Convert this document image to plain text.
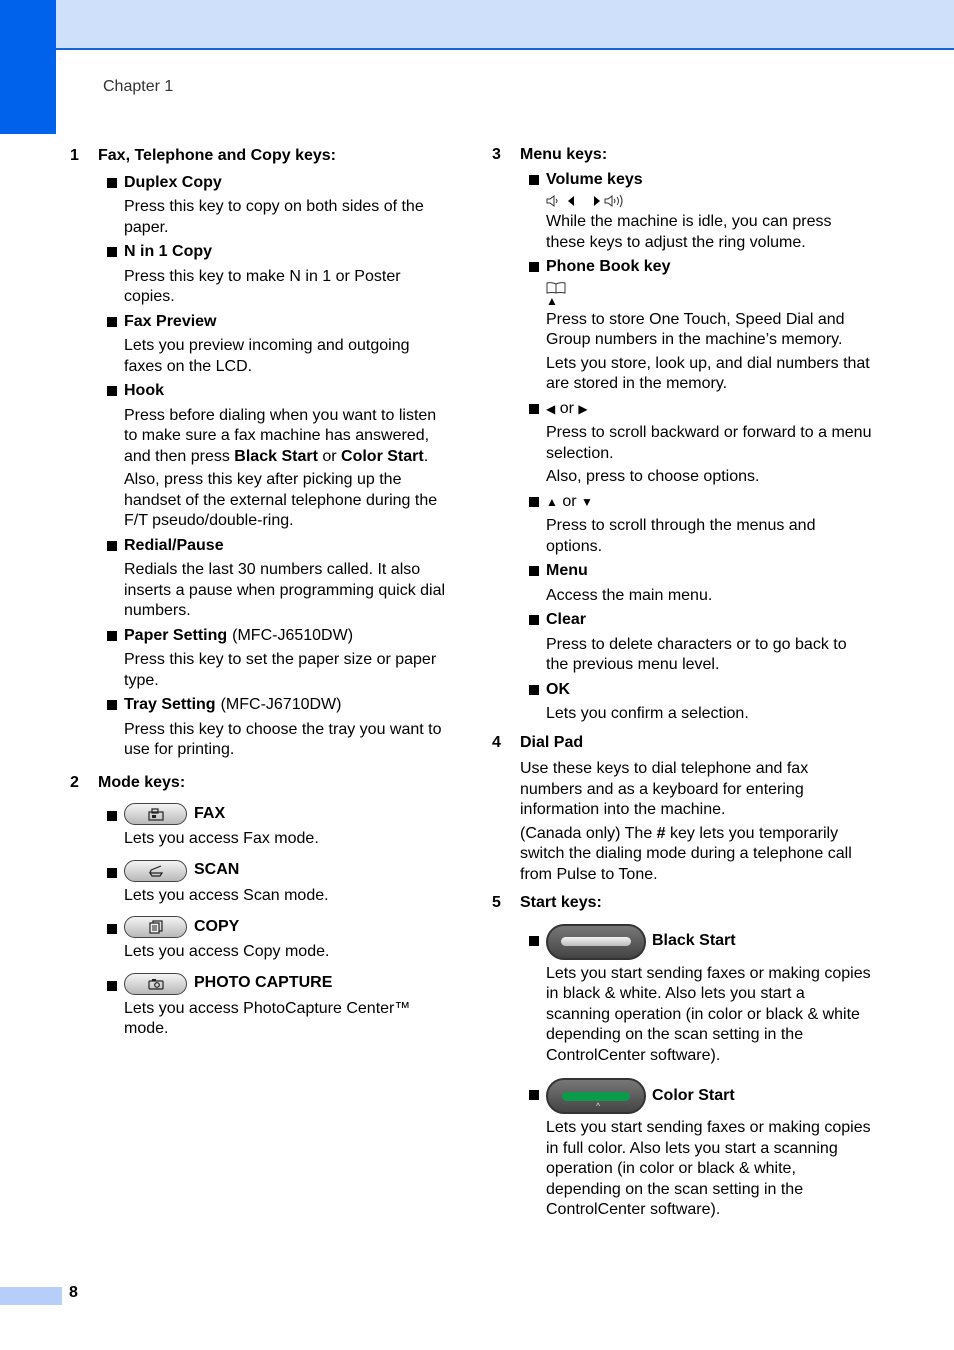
Chapter 1
1 Fax, Telephone and Copy keys:
Duplex Copy
Press this key to copy on both sides of the paper.
N in 1 Copy
Press this key to make N in 1 or Poster copies.
Fax Preview
Lets you preview incoming and outgoing faxes on the LCD.
Hook
Press before dialing when you want to listen to make sure a fax machine has answered, and then press Black Start or Color Start.
Also, press this key after picking up the handset of the external telephone during the F/T pseudo/double-ring.
Redial/Pause
Redials the last 30 numbers called. It also inserts a pause when programming quick dial numbers.
Paper Setting (MFC-J6510DW)
Press this key to set the paper size or paper type.
Tray Setting (MFC-J6710DW)
Press this key to choose the tray you want to use for printing.
2 Mode keys:
FAX
Lets you access Fax mode.
SCAN
Lets you access Scan mode.
COPY
Lets you access Copy mode.
PHOTO CAPTURE
Lets you access PhotoCapture Center™ mode.
3 Menu keys:
Volume keys
While the machine is idle, you can press these keys to adjust the ring volume.
Phone Book key
▲
Press to store One Touch, Speed Dial and Group numbers in the machine’s memory.
Lets you store, look up, and dial numbers that are stored in the memory.
◀
or
▶
Press to scroll backward or forward to a menu selection.
Also, press to choose options.
▲
or
▼
Press to scroll through the menus and options.
Menu
Access the main menu.
Clear
Press to delete characters or to go back to the previous menu level.
OK
Lets you confirm a selection.
4 Dial Pad
Use these keys to dial telephone and fax numbers and as a keyboard for entering information into the machine.
(Canada only) The # key lets you temporarily switch the dialing mode during a telephone call from Pulse to Tone.
5 Start keys:
Black Start
Lets you start sending faxes or making copies in black & white. Also lets you start a scanning operation (in color or black & white depending on the scan setting in the ControlCenter software).
^
Color Start
Lets you start sending faxes or making copies in full color. Also lets you start a scanning operation (in color or black & white, depending on the scan setting in the ControlCenter software).
8
